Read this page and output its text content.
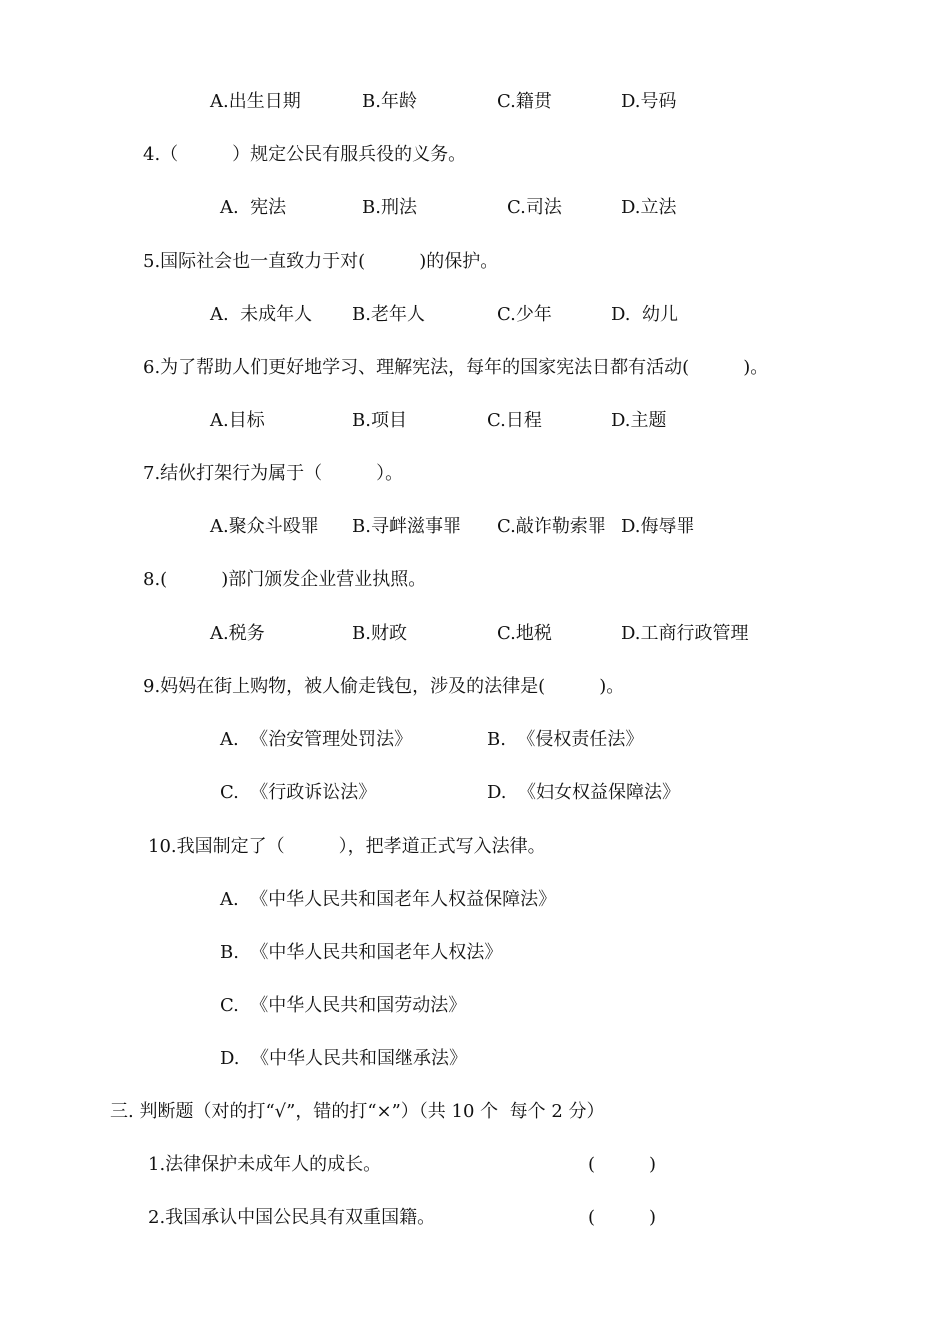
A.出生日期	B.年龄	C.籍贯	D.号码
4.（　　　）规定公民有服兵役的义务。
A.  宪法	B.刑法	C.司法	D.立法
5.国际社会也一直致力于对(　　　)的保护。
A.  未成年人 B.老年人	C.少年	D.  幼儿
6.为了帮助人们更好地学习、理解宪法，每年的国家宪法日都有活动(　　　)。
A.目标	B.项目	C.日程	D.主题
7.结伙打架行为属于（　　　）。
A.聚众斗殴罪 B.寻衅滋事罪 C.敲诈勒索罪 D.侮辱罪
8.(　　　)部门颁发企业营业执照。
A.税务	B.财政	C.地税	D.工商行政管理
9.妈妈在街上购物，被人偷走钱包，涉及的法律是(　　　)。
A.  《治安管理处罚法》	B.  《侵权责任法》
C.  《行政诉讼法》	D.  《妇女权益保障法》
10.我国制定了（　　　），把孝道正式写入法律。
A.  《中华人民共和国老年人权益保障法》
B.  《中华人民共和国老年人权法》
C.  《中华人民共和国劳动法》
D.  《中华人民共和国继承法》
三. 判断题（对的打“√”，错的打“×”）（共 10 个  每个 2 分）
1.法律保护未成年人的成长。	(　　　)
2.我国承认中国公民具有双重国籍。	(　　　)
